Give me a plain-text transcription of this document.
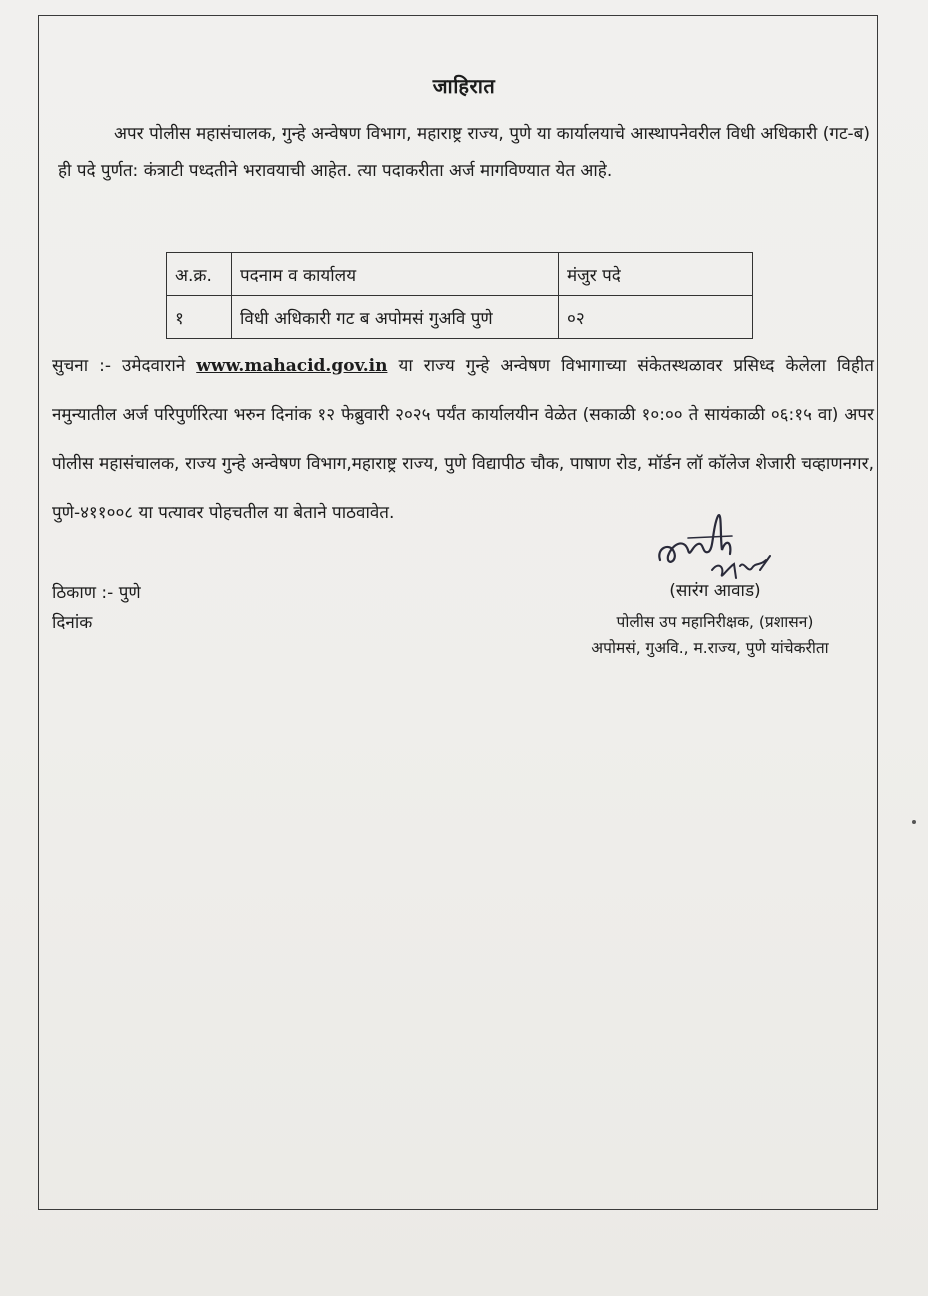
जाहिरात

अपर पोलीस महासंचालक, गुन्हे अन्वेषण विभाग, महाराष्ट्र राज्य, पुणे या कार्यालयाचे आस्थापनेवरील विधी अधिकारी (गट-ब) ही पदे पुर्णत: कंत्राटी पध्दतीने भरावयाची आहेत. त्या पदाकरीता अर्ज मागविण्यात येत आहे.

अ.क्र.	पदनाम व कार्यालय	मंजुर पदे
१	विधी अधिकारी गट ब अपोमसं गुअवि पुणे	०२

सुचना :- उमेदवाराने www.mahacid.gov.in या राज्य गुन्हे अन्वेषण विभागाच्या संकेतस्थळावर प्रसिध्द केलेला विहीत नमुन्यातील अर्ज परिपुर्णरित्या भरुन दिनांक १२ फेब्रुवारी २०२५ पर्यंत कार्यालयीन वेळेत (सकाळी १०:०० ते सायंकाळी ०६:१५ वा) अपर पोलीस महासंचालक, राज्य गुन्हे अन्वेषण विभाग,महाराष्ट्र राज्य, पुणे विद्यापीठ चौक, पाषाण रोड, मॉर्डन लॉ कॉलेज शेजारी चव्हाणनगर, पुणे-४११००८ या पत्यावर पोहचतील या बेताने पाठवावेत.

ठिकाण :- पुणे
दिनांक
(सारंग आवाड)
पोलीस उप महानिरीक्षक, (प्रशासन)
अपोमसं, गुअवि., म.राज्य, पुणे यांचेकरीता
